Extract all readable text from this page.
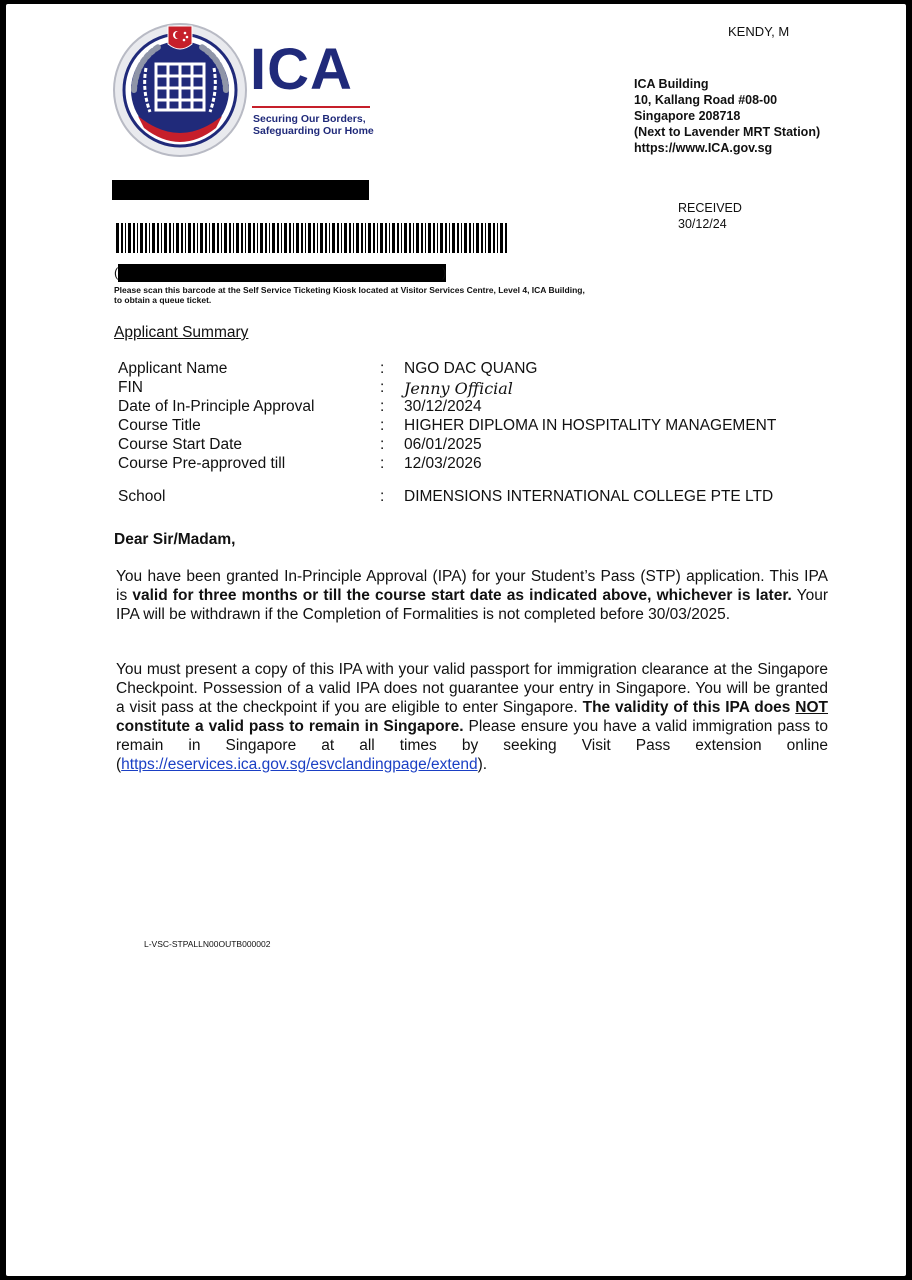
ICA
Securing Our Borders,
Safeguarding Our Home
KENDY, M
ICA Building
10, Kallang Road #08-00
Singapore 208718
(Next to Lavender MRT Station)
https://www.ICA.gov.sg
RECEIVED
30/12/24
(	)
Please scan this barcode at the Self Service Ticketing Kiosk located at Visitor Services Centre, Level 4, ICA Building,
to obtain a queue ticket.
Applicant Summary
Applicant Name	: NGO DAC QUANG
FIN	: Jenny Official
Date of In-Principle Approval	: 30/12/2024
Course Title	: HIGHER DIPLOMA IN HOSPITALITY MANAGEMENT
Course Start Date	: 06/01/2025
Course Pre-approved till	: 12/03/2026
School	: DIMENSIONS INTERNATIONAL COLLEGE PTE LTD
Dear Sir/Madam,
You have been granted In-Principle Approval (IPA) for your Student’s Pass (STP) application. This IPA is valid for three months or till the course start date as indicated above, whichever is later. Your IPA will be withdrawn if the Completion of Formalities is not completed before 30/03/2025.
You must present a copy of this IPA with your valid passport for immigration clearance at the Singapore Checkpoint. Possession of a valid IPA does not guarantee your entry in Singapore. You will be granted a visit pass at the checkpoint if you are eligible to enter Singapore. The validity of this IPA does NOT constitute a valid pass to remain in Singapore. Please ensure you have a valid immigration pass to remain in Singapore at all times by seeking Visit Pass extension online (https://eservices.ica.gov.sg/esvclandingpage/extend).
L-VSC-STPALLN00OUTB000002
